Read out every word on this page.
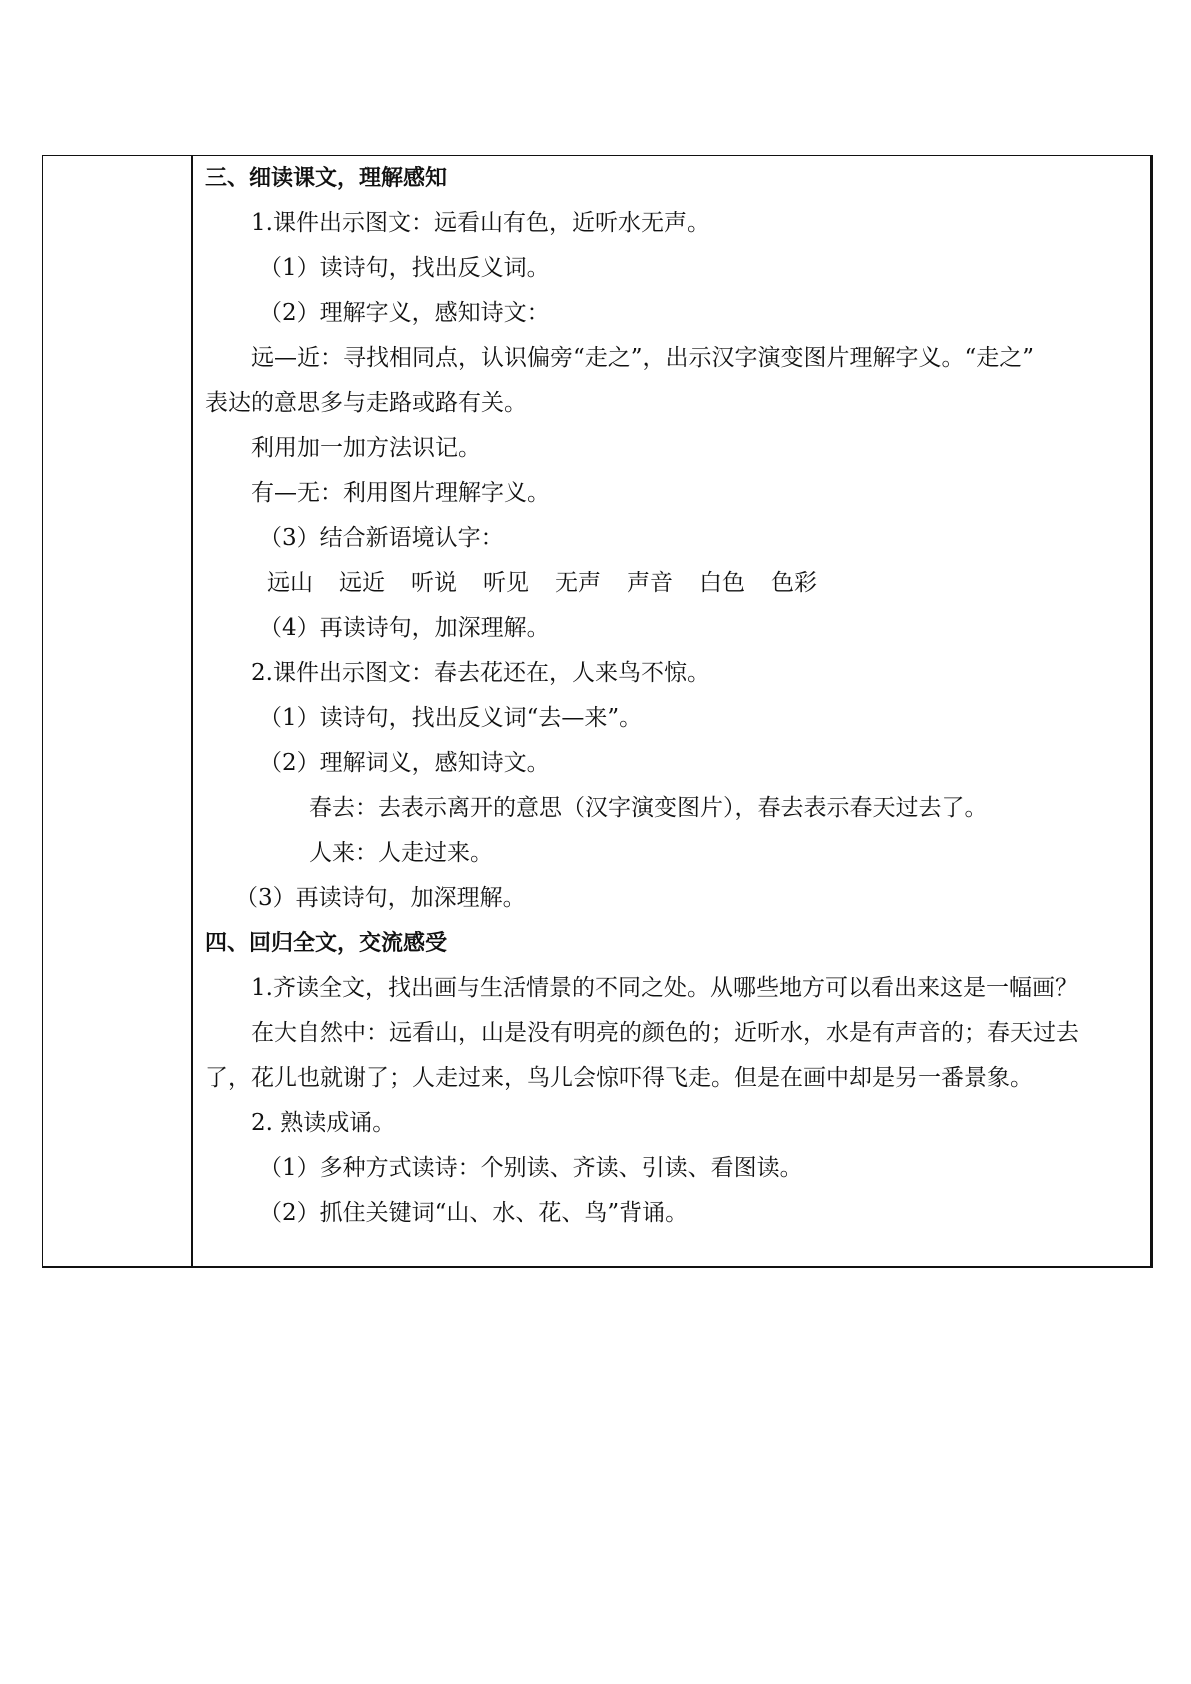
三、细读课文，理解感知
1.课件出示图文：远看山有色，近听水无声。
（1）读诗句，找出反义词。
（2）理解字义，感知诗文：
远—近：寻找相同点，认识偏旁“走之”，出示汉字演变图片理解字义。“走之”
表达的意思多与走路或路有关。
利用加一加方法识记。
有—无：利用图片理解字义。
（3）结合新语境认字：
远山 远近 听说 听见 无声 声音 白色 色彩
（4）再读诗句，加深理解。
2.课件出示图文：春去花还在，人来鸟不惊。
（1）读诗句，找出反义词“去—来”。
（2）理解词义，感知诗文。
春去：去表示离开的意思（汉字演变图片），春去表示春天过去了。
人来：人走过来。
（3）再读诗句，加深理解。
四、回归全文，交流感受
1.齐读全文，找出画与生活情景的不同之处。从哪些地方可以看出来这是一幅画？
在大自然中：远看山，山是没有明亮的颜色的；近听水，水是有声音的；春天过去
了，花儿也就谢了；人走过来，鸟儿会惊吓得飞走。但是在画中却是另一番景象。
2. 熟读成诵。
（1）多种方式读诗：个别读、齐读、引读、看图读。
（2）抓住关键词“山、水、花、鸟”背诵。
